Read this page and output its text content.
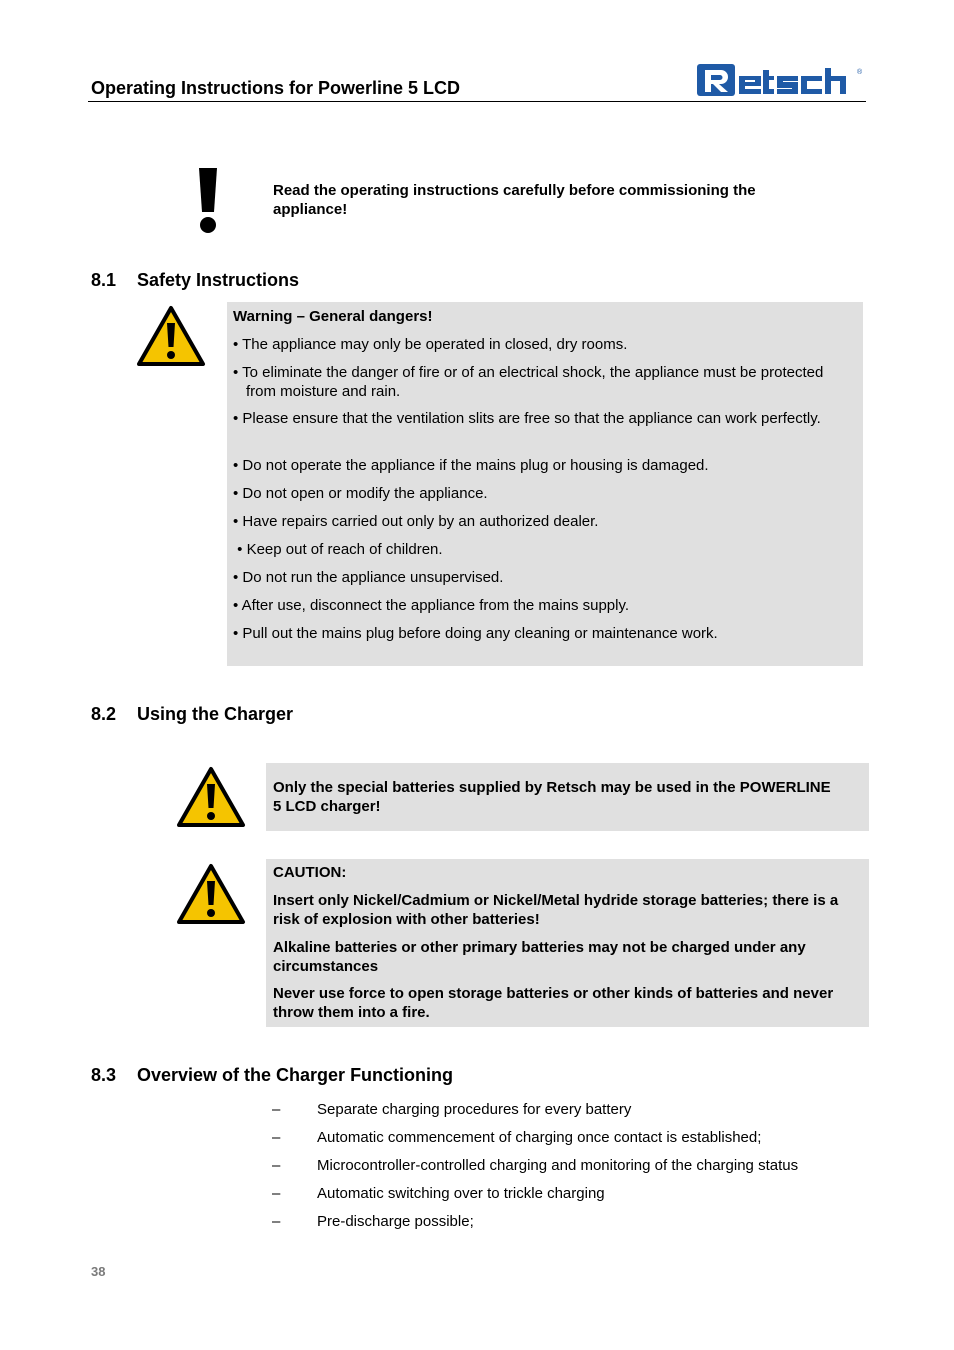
Operating Instructions for Powerline 5 LCD
®
Read the operating instructions carefully before commissioning the appliance!
8.1 Safety Instructions
Warning – General dangers!
• The appliance may only be operated in closed, dry rooms.
• To eliminate the danger of fire or of an electrical shock, the appliance must be protected from moisture and rain.
• Please ensure that the ventilation slits are free so that the appliance can work perfectly.
• Do not operate the appliance if the mains plug or housing is damaged.
• Do not open or modify the appliance.
• Have repairs carried out only by an authorized dealer.
• Keep out of reach of children.
• Do not run the appliance unsupervised.
• After use, disconnect the appliance from the mains supply.
• Pull out the mains plug before doing any cleaning or maintenance work.
8.2 Using the Charger
Only the special batteries supplied by Retsch may be used in the POWERLINE 5 LCD charger!
CAUTION:
Insert only Nickel/Cadmium or Nickel/Metal hydride storage batteries; there is a risk of explosion with other batteries!
Alkaline batteries or other primary batteries may not be charged under any circumstances
Never use force to open storage batteries or other kinds of batteries and never throw them into a fire.
8.3 Overview of the Charger Functioning
– Separate charging procedures for every battery
– Automatic commencement of charging once contact is established;
– Microcontroller-controlled charging and monitoring of the charging status
– Automatic switching over to trickle charging
– Pre-discharge possible;
38
